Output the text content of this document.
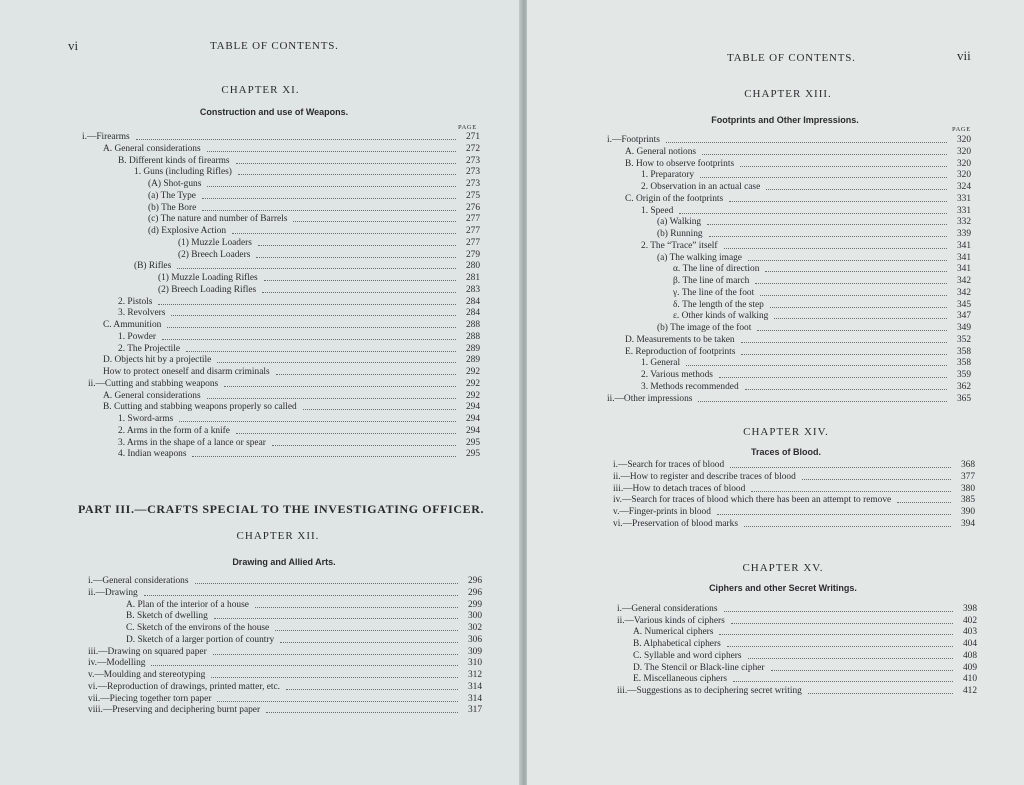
vi	TABLE OF CONTENTS.
CHAPTER XI.
Construction and use of Weapons.
PAGE
i.—Firearms	271
A. General considerations	272
B. Different kinds of firearms	273
1. Guns (including Rifles)	273
(A) Shot-guns	273
(a) The Type	275
(b) The Bore	276
(c) The nature and number of Barrels	277
(d) Explosive Action	277
(1) Muzzle Loaders	277
(2) Breech Loaders	279
(B) Rifles	280
(1) Muzzle Loading Rifles	281
(2) Breech Loading Rifles	283
2. Pistols	284
3. Revolvers	284
C. Ammunition	288
1. Powder	288
2. The Projectile	289
D. Objects hit by a projectile	289
How to protect oneself and disarm criminals	292
ii.—Cutting and stabbing weapons	292
A. General considerations	292
B. Cutting and stabbing weapons properly so called	294
1. Sword-arms	294
2. Arms in the form of a knife	294
3. Arms in the shape of a lance or spear	295
4. Indian weapons	295
PART III.—CRAFTS SPECIAL TO THE INVESTIGATING OFFICER.
CHAPTER XII.
Drawing and Allied Arts.
i.—General considerations	296
ii.—Drawing	296
A. Plan of the interior of a house	299
B. Sketch of dwelling	300
C. Sketch of the environs of the house	302
D. Sketch of a larger portion of country	306
iii.—Drawing on squared paper	309
iv.—Modelling	310
v.—Moulding and stereotyping	312
vi.—Reproduction of drawings, printed matter, etc.	314
vii.—Piecing together torn paper	314
viii.—Preserving and deciphering burnt paper	317
TABLE OF CONTENTS.	vii
CHAPTER XIII.
Footprints and Other Impressions.
PAGE
i.—Footprints	320
A. General notions	320
B. How to observe footprints	320
1. Preparatory	320
2. Observation in an actual case	324
C. Origin of the footprints	331
1. Speed	331
(a) Walking	332
(b) Running	339
2. The “Trace” itself	341
(a) The walking image	341
α. The line of direction	341
β. The line of march	342
γ. The line of the foot	342
δ. The length of the step	345
ε. Other kinds of walking	347
(b) The image of the foot	349
D. Measurements to be taken	352
E. Reproduction of footprints	358
1. General	358
2. Various methods	359
3. Methods recommended	362
ii.—Other impressions	365
CHAPTER XIV.
Traces of Blood.
i.—Search for traces of blood	368
ii.—How to register and describe traces of blood	377
iii.—How to detach traces of blood	380
iv.—Search for traces of blood which there has been an attempt to remove	385
v.—Finger-prints in blood	390
vi.—Preservation of blood marks	394
CHAPTER XV.
Ciphers and other Secret Writings.
i.—General considerations	398
ii.—Various kinds of ciphers	402
A. Numerical ciphers	403
B. Alphabetical ciphers	404
C. Syllable and word ciphers	408
D. The Stencil or Black-line cipher	409
E. Miscellaneous ciphers	410
iii.—Suggestions as to deciphering secret writing	412
